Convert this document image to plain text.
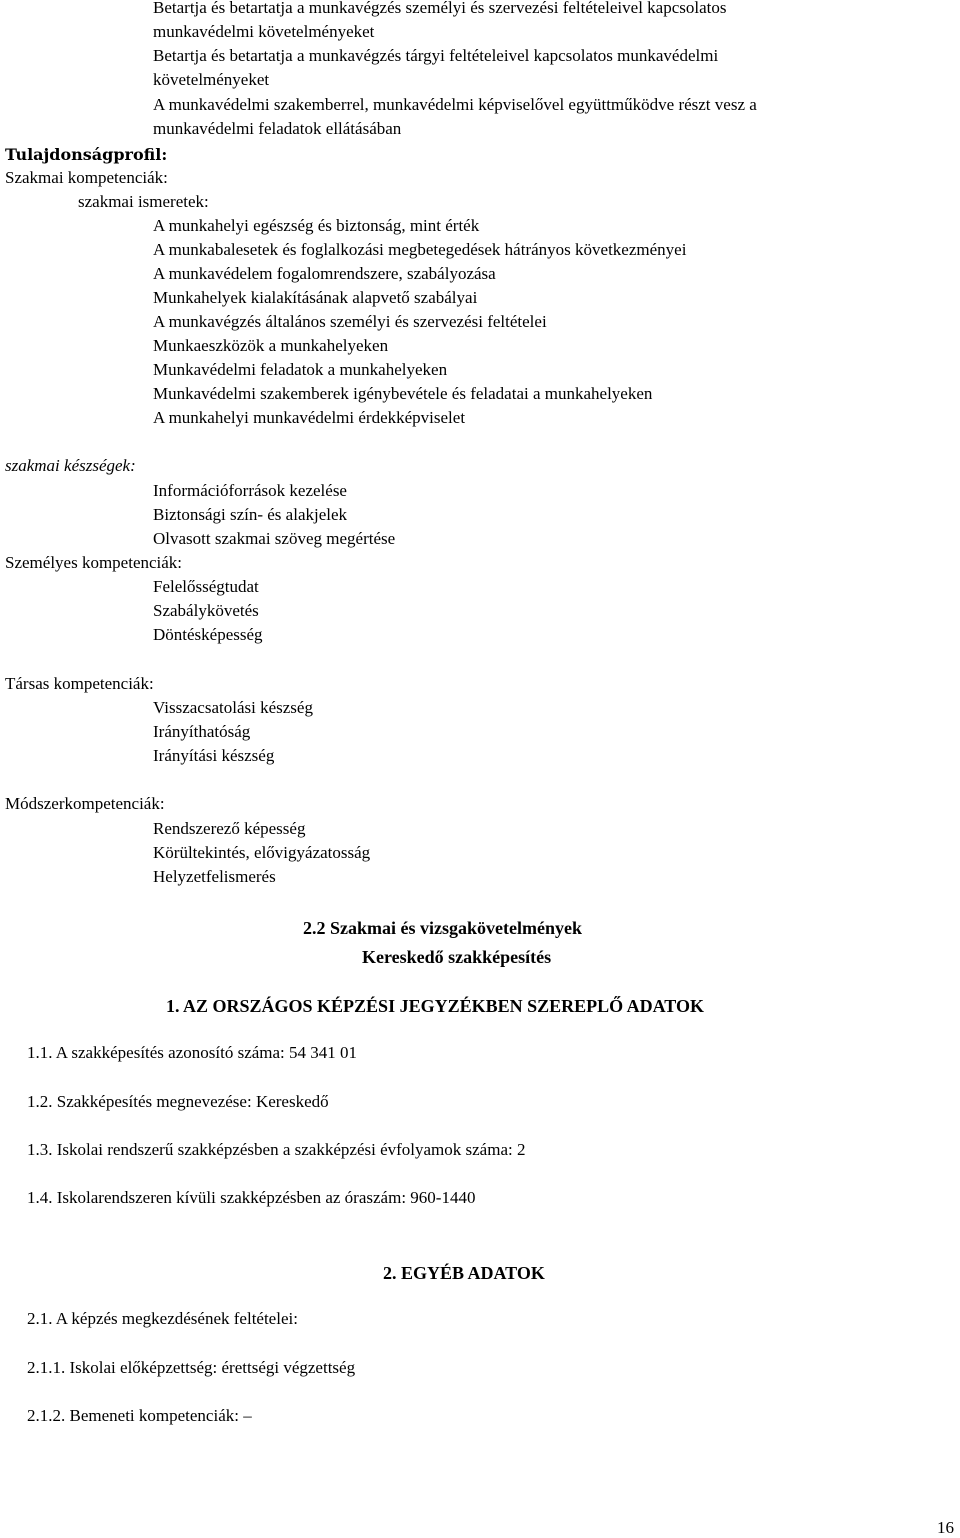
Betartja és betartatja a munkavégzés személyi és szervezési feltételeivel kapcsolatos
munkavédelmi követelményeket
Betartja és betartatja a munkavégzés tárgyi feltételeivel kapcsolatos munkavédelmi
követelményeket
A munkavédelmi szakemberrel, munkavédelmi képviselővel együttműködve részt vesz a
munkavédelmi feladatok ellátásában
Tulajdonságprofil:
Szakmai kompetenciák:
szakmai ismeretek:
A munkahelyi egészség és biztonság, mint érték
A munkabalesetek és foglalkozási megbetegedések hátrányos következményei
A munkavédelem fogalomrendszere, szabályozása
Munkahelyek kialakításának alapvető szabályai
A munkavégzés általános személyi és szervezési feltételei
Munkaeszközök a munkahelyeken
Munkavédelmi feladatok a munkahelyeken
Munkavédelmi szakemberek igénybevétele és feladatai a munkahelyeken
A munkahelyi munkavédelmi érdekképviselet
szakmai készségek:
Információforrások kezelése
Biztonsági szín- és alakjelek
Olvasott szakmai szöveg megértése
Személyes kompetenciák:
Felelősségtudat
Szabálykövetés
Döntésképesség
Társas kompetenciák:
Visszacsatolási készség
Irányíthatóság
Irányítási készség
Módszerkompetenciák:
Rendszerező képesség
Körültekintés, elővigyázatosság
Helyzetfelismerés
2.2 Szakmai és vizsgakövetelmények
Kereskedő szakképesítés
1. AZ ORSZÁGOS KÉPZÉSI JEGYZÉKBEN SZEREPLŐ ADATOK
1.1. A szakképesítés azonosító száma: 54 341 01
1.2. Szakképesítés megnevezése: Kereskedő
1.3. Iskolai rendszerű szakképzésben a szakképzési évfolyamok száma: 2
1.4. Iskolarendszeren kívüli szakképzésben az óraszám: 960-1440
2. EGYÉB ADATOK
2.1. A képzés megkezdésének feltételei:
2.1.1. Iskolai előképzettség: érettségi végzettség
2.1.2. Bemeneti kompetenciák: –
16
